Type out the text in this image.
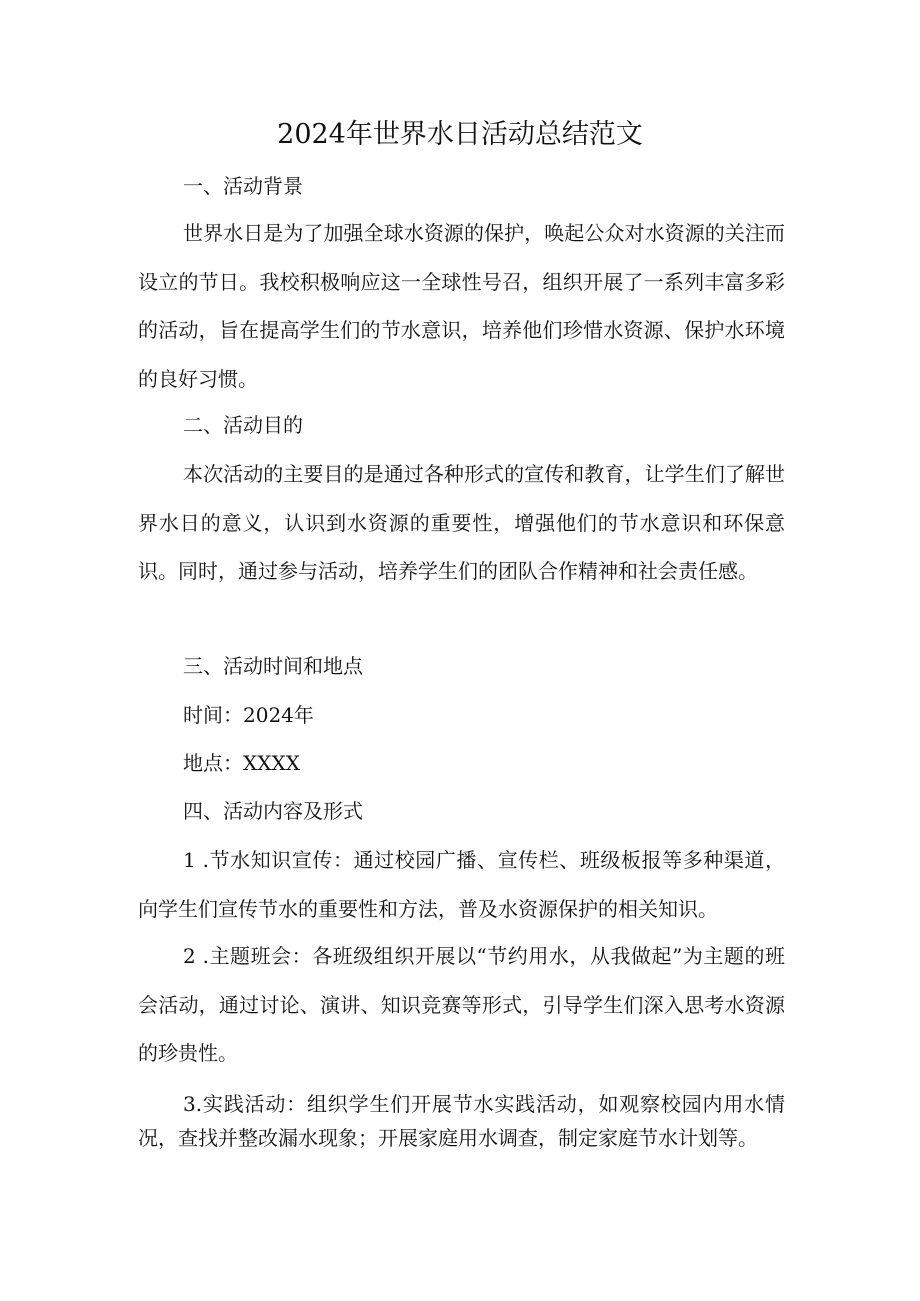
2024年世界水日活动总结范文

一、活动背景

世界水日是为了加强全球水资源的保护，唤起公众对水资源的关注而设立的节日。我校积极响应这一全球性号召，组织开展了一系列丰富多彩的活动，旨在提高学生们的节水意识，培养他们珍惜水资源、保护水环境的良好习惯。

二、活动目的

本次活动的主要目的是通过各种形式的宣传和教育，让学生们了解世界水日的意义，认识到水资源的重要性，增强他们的节水意识和环保意识。同时，通过参与活动，培养学生们的团队合作精神和社会责任感。

三、活动时间和地点

时间：2024年

地点：XXXX

四、活动内容及形式

1 .节水知识宣传：通过校园广播、宣传栏、班级板报等多种渠道，向学生们宣传节水的重要性和方法，普及水资源保护的相关知识。

2 .主题班会：各班级组织开展以“节约用水，从我做起”为主题的班会活动，通过讨论、演讲、知识竞赛等形式，引导学生们深入思考水资源的珍贵性。

3.实践活动：组织学生们开展节水实践活动，如观察校园内用水情况，查找并整改漏水现象；开展家庭用水调查，制定家庭节水计划等。
